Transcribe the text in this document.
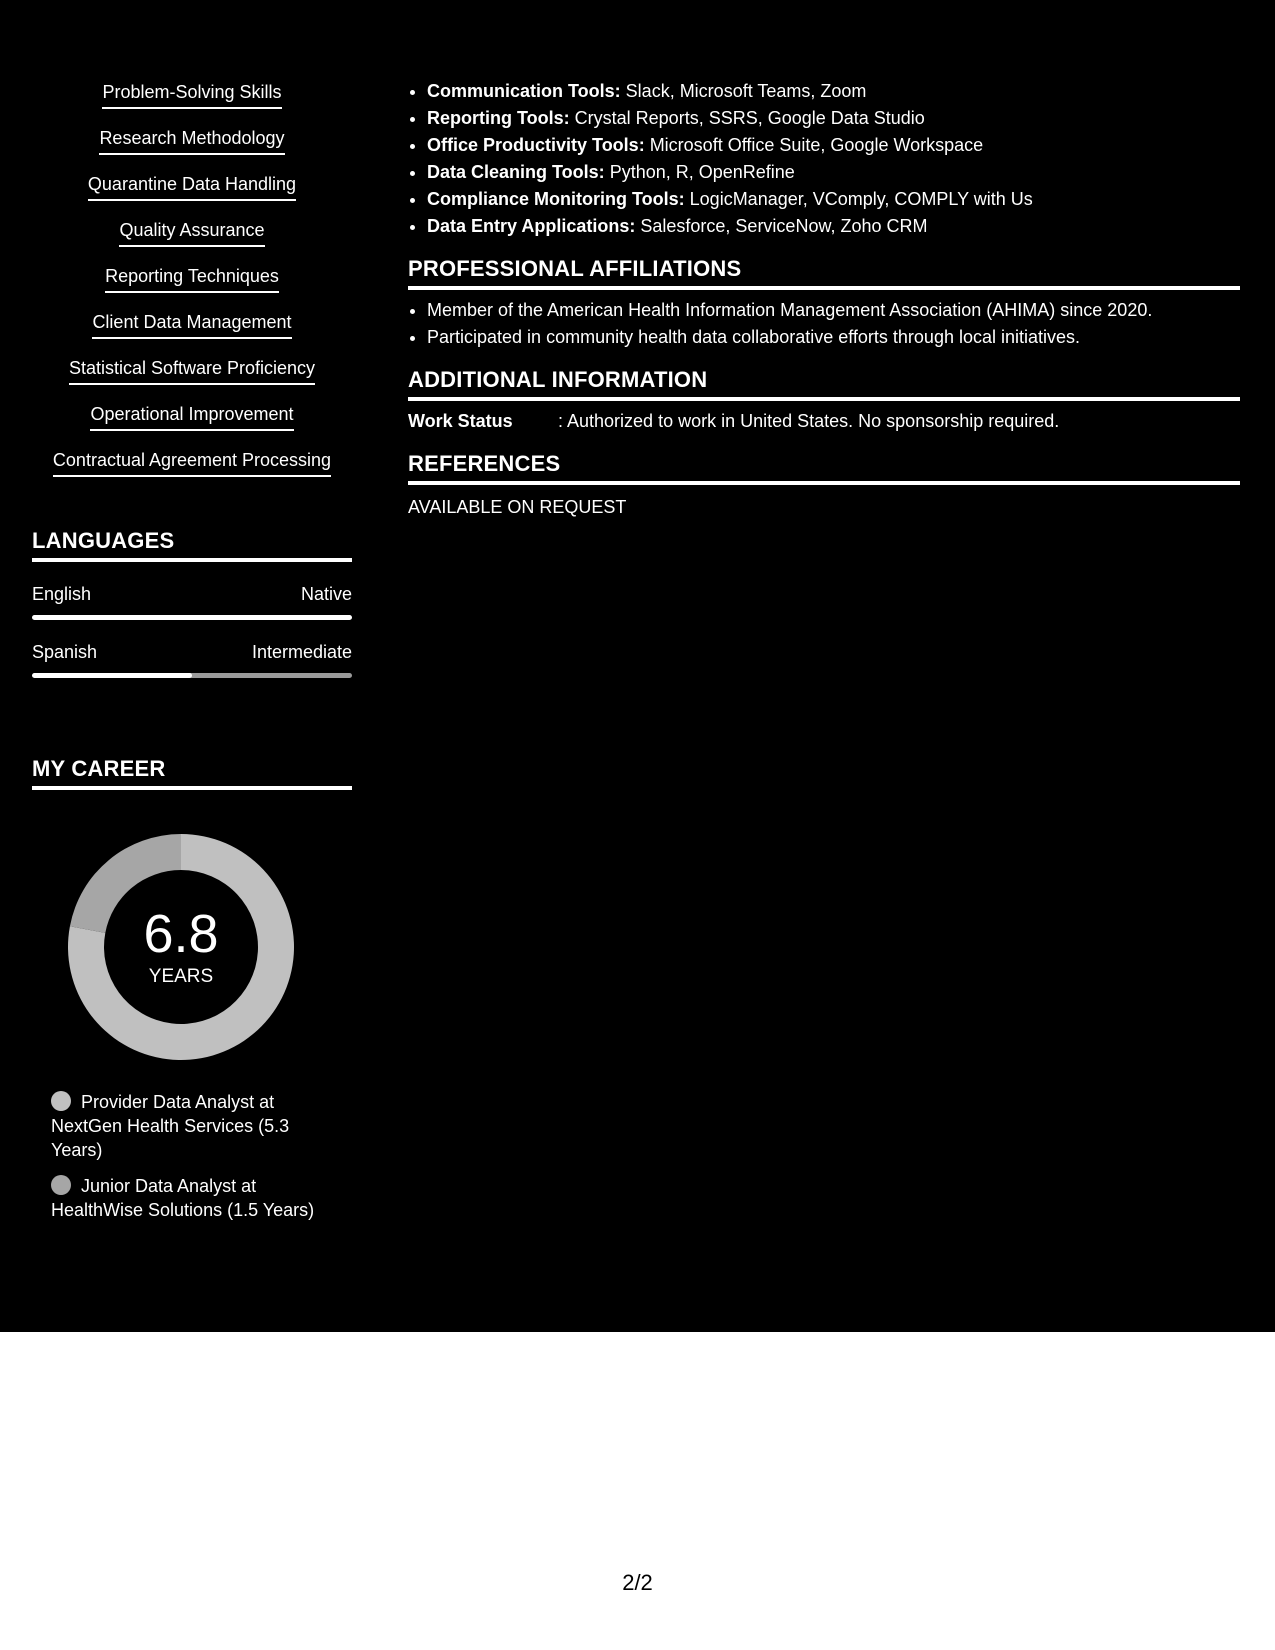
Problem-Solving Skills
Research Methodology
Quarantine Data Handling
Quality Assurance
Reporting Techniques
Client Data Management
Statistical Software Proficiency
Operational Improvement
Contractual Agreement Processing
LANGUAGES
English	Native
Spanish	Intermediate
MY CAREER
6.8
YEARS
Provider Data Analyst at NextGen Health Services (5.3 Years)
Junior Data Analyst at HealthWise Solutions (1.5 Years)
• Communication Tools: Slack, Microsoft Teams, Zoom
• Reporting Tools: Crystal Reports, SSRS, Google Data Studio
• Office Productivity Tools: Microsoft Office Suite, Google Workspace
• Data Cleaning Tools: Python, R, OpenRefine
• Compliance Monitoring Tools: LogicManager, VComply, COMPLY with Us
• Data Entry Applications: Salesforce, ServiceNow, Zoho CRM
PROFESSIONAL AFFILIATIONS
• Member of the American Health Information Management Association (AHIMA) since 2020.
• Participated in community health data collaborative efforts through local initiatives.
ADDITIONAL INFORMATION
Work Status	: Authorized to work in United States. No sponsorship required.
REFERENCES
AVAILABLE ON REQUEST
2/2
